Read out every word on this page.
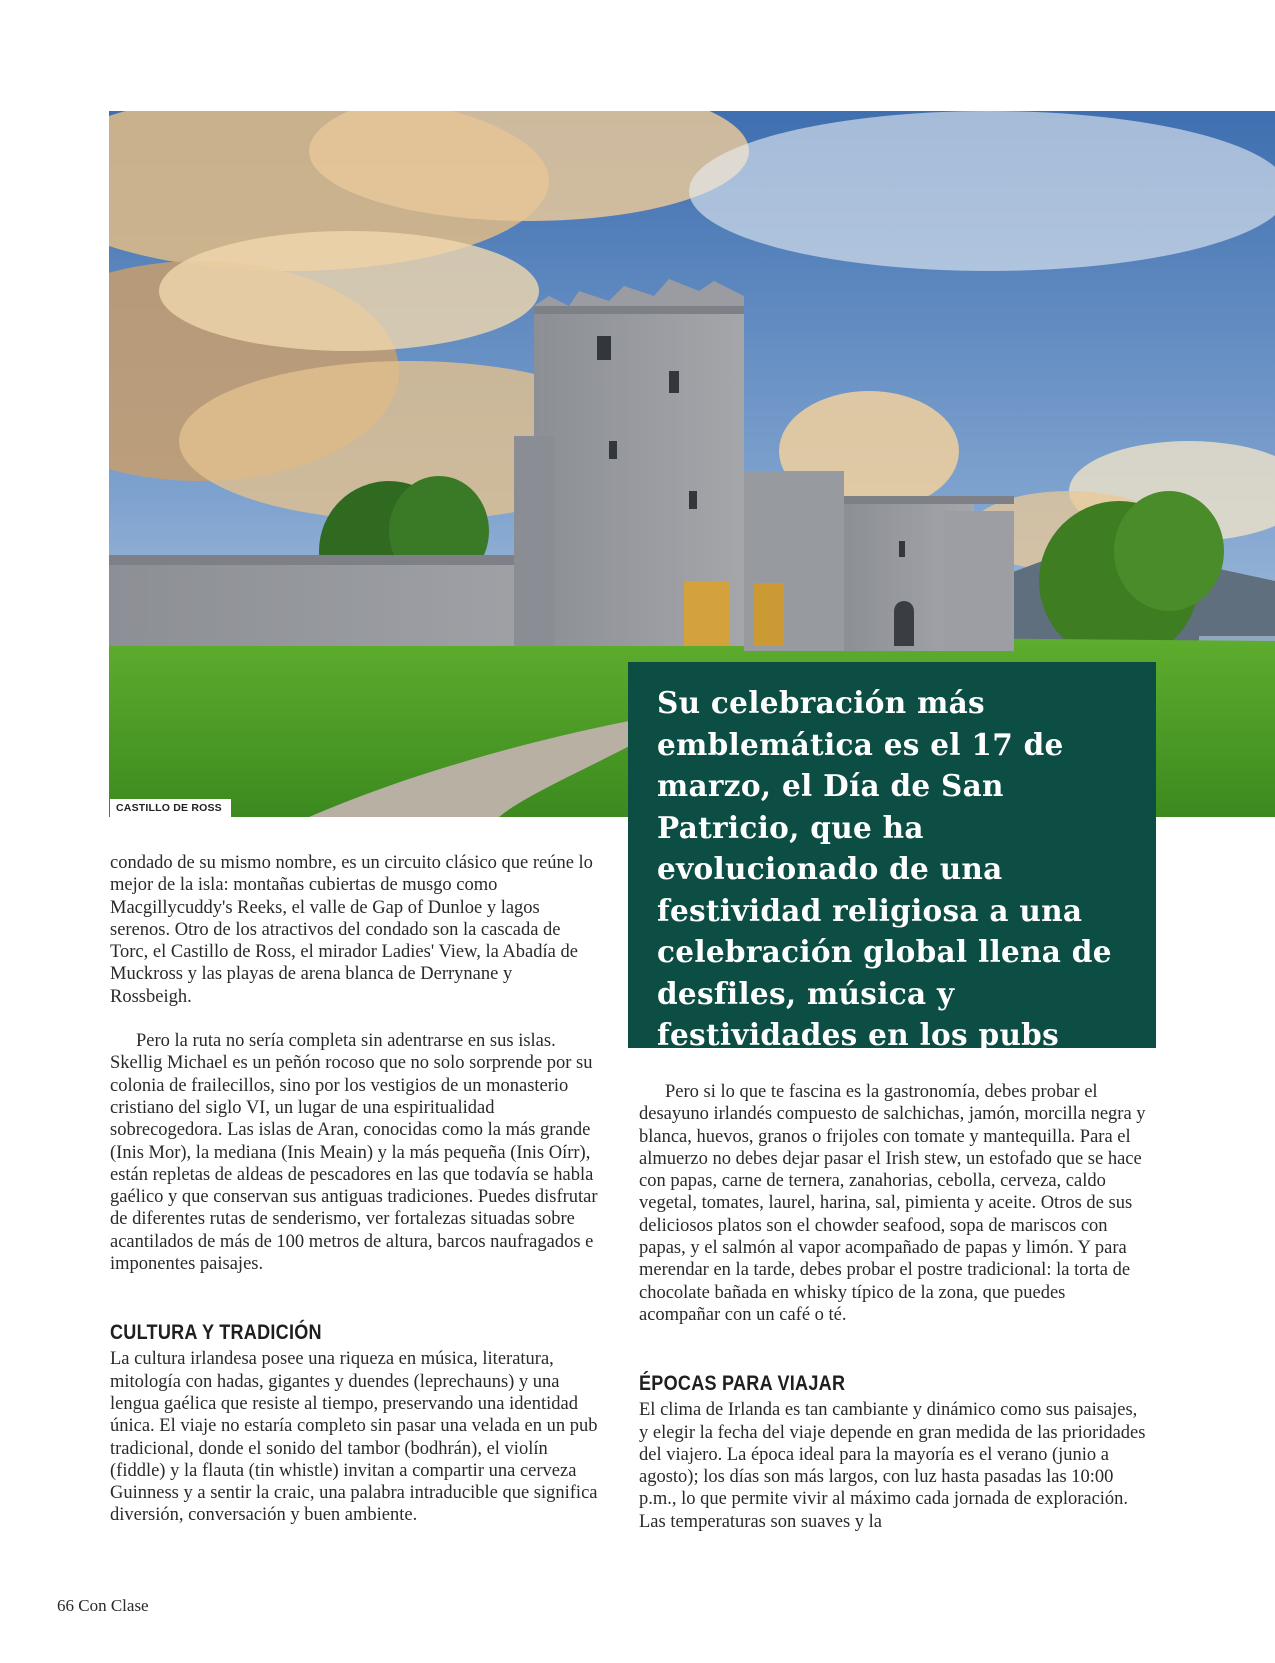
CASTILLO DE ROSS

Su celebración más emblemática es el 17 de marzo, el Día de San Patricio, que ha evolucionado de una festividad religiosa a una celebración global llena de desfiles, música y festividades en los pubs

condado de su mismo nombre, es un circuito clásico que reúne lo mejor de la isla: montañas cubiertas de musgo como Macgillycuddy's Reeks, el valle de Gap of Dunloe y lagos serenos. Otro de los atractivos del condado son la cascada de Torc, el Castillo de Ross, el mirador Ladies' View, la Abadía de Muckross y las playas de arena blanca de Derrynane y Rossbeigh.

Pero la ruta no sería completa sin adentrarse en sus islas. Skellig Michael es un peñón rocoso que no solo sorprende por su colonia de frailecillos, sino por los vestigios de un monasterio cristiano del siglo VI, un lugar de una espiritualidad sobrecogedora. Las islas de Aran, conocidas como la más grande (Inis Mor), la mediana (Inis Meain) y la más pequeña (Inis Oírr), están repletas de aldeas de pescadores en las que todavía se habla gaélico y que conservan sus antiguas tradiciones. Puedes disfrutar de diferentes rutas de senderismo, ver fortalezas situadas sobre acantilados de más de 100 metros de altura, barcos naufragados e imponentes paisajes.

CULTURA Y TRADICIÓN

La cultura irlandesa posee una riqueza en música, literatura, mitología con hadas, gigantes y duendes (leprechauns) y una lengua gaélica que resiste al tiempo, preservando una identidad única. El viaje no estaría completo sin pasar una velada en un pub tradicional, donde el sonido del tambor (bodhrán), el violín (fiddle) y la flauta (tin whistle) invitan a compartir una cerveza Guinness y a sentir la craic, una palabra intraducible que significa diversión, conversación y buen ambiente.

Pero si lo que te fascina es la gastronomía, debes probar el desayuno irlandés compuesto de salchichas, jamón, morcilla negra y blanca, huevos, granos o frijoles con tomate y mantequilla. Para el almuerzo no debes dejar pasar el Irish stew, un estofado que se hace con papas, carne de ternera, zanahorias, cebolla, cerveza, caldo vegetal, tomates, laurel, harina, sal, pimienta y aceite. Otros de sus deliciosos platos son el chowder seafood, sopa de mariscos con papas, y el salmón al vapor acompañado de papas y limón. Y para merendar en la tarde, debes probar el postre tradicional: la torta de chocolate bañada en whisky típico de la zona, que puedes acompañar con un café o té.

ÉPOCAS PARA VIAJAR

El clima de Irlanda es tan cambiante y dinámico como sus paisajes, y elegir la fecha del viaje depende en gran medida de las prioridades del viajero. La época ideal para la mayoría es el verano (junio a agosto); los días son más largos, con luz hasta pasadas las 10:00 p.m., lo que permite vivir al máximo cada jornada de exploración. Las temperaturas son suaves y la

66 Con Clase
